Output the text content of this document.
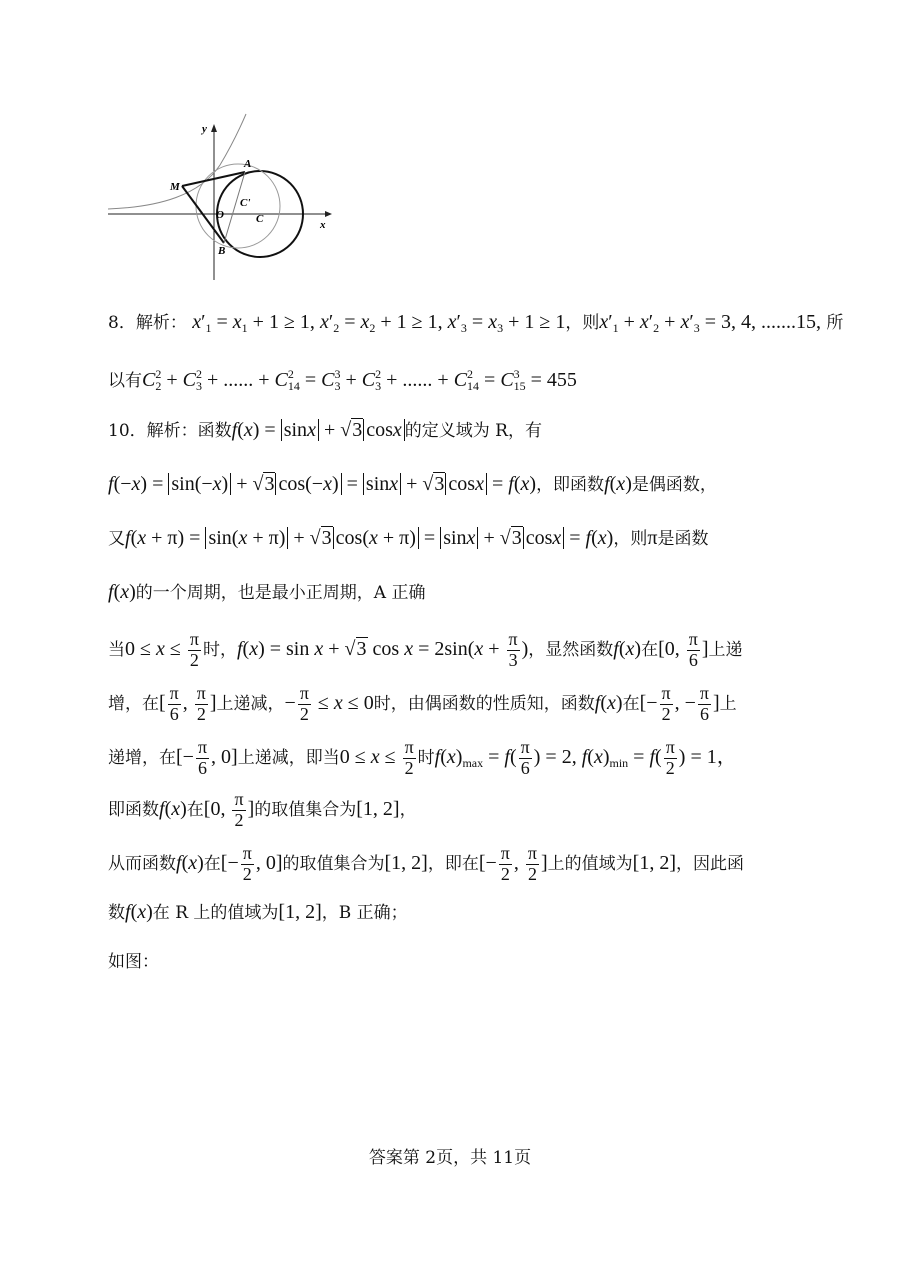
y
x
A
M
O
C'
C
B
8．解析： $x'_1 = x_1 + 1 \ge 1$, $x'_2 = x_2 + 1 \ge 1$, $x'_3 = x_3 + 1 \ge 1$，则$x'_1 + x'_2 + x'_3 = 3$, 4, .......15, 所
以有$C^2_2 + C^2_3$ + ...... + $C^2_{14} = C^3_3 + C^2_3$ + ...... + $C^2_{14} = C^3_{15} = 455$
10．解析：函数f(x) = sinx + √3 cosx 的定义域为 R，有
f(−x) = sin(−x) + √3 cos(−x) = sinx + √3 cosx = f(x)，即函数f(x)是偶函数，
又f(x + π) = sin(x + π) + √3 cos(x + π) = sinx + √3 cosx = f(x)，则π是函数
f(x)的一个周期，也是最小正周期，A 正确
当$0 \le x \le \frac{\pi}{2}$ 时，f(x) = sin x + √3 $\cos x = 2\sin(x + \frac{\pi}{3}$ )，显然函数f(x)在[0, $\frac{\pi}{6}$ ]上递
增，在[ $\frac{\pi}{6}$ , $\frac{\pi}{2}$ ]上递减，− $\frac{\pi}{2} \le x \le 0$时，由偶函数的性质知，函数f(x)在[− $\frac{\pi}{2}$ , − $\frac{\pi}{6}$ ]上
递增，在[− $\frac{\pi}{6}$ , 0]上递减，即当$0 \le x \le \frac{\pi}{2}$ 时$f(x)_{max} = f( \frac{\pi}{6}$ ) = 2, $f(x)_{min} = f( \frac{\pi}{2}$ ) = 1，
即函数f(x)在[0, $\frac{\pi}{2}$ ]的取值集合为[1, 2]，
从而函数f(x)在[− $\frac{\pi}{2}$ , 0]的取值集合为[1, 2]，即在[− $\frac{\pi}{2}$ , $\frac{\pi}{2}$ ]上的值域为[1, 2]，因此函
数f(x)在 R 上的值域为[1, 2]，B 正确；
如图：
答案第 2页，共 11页
